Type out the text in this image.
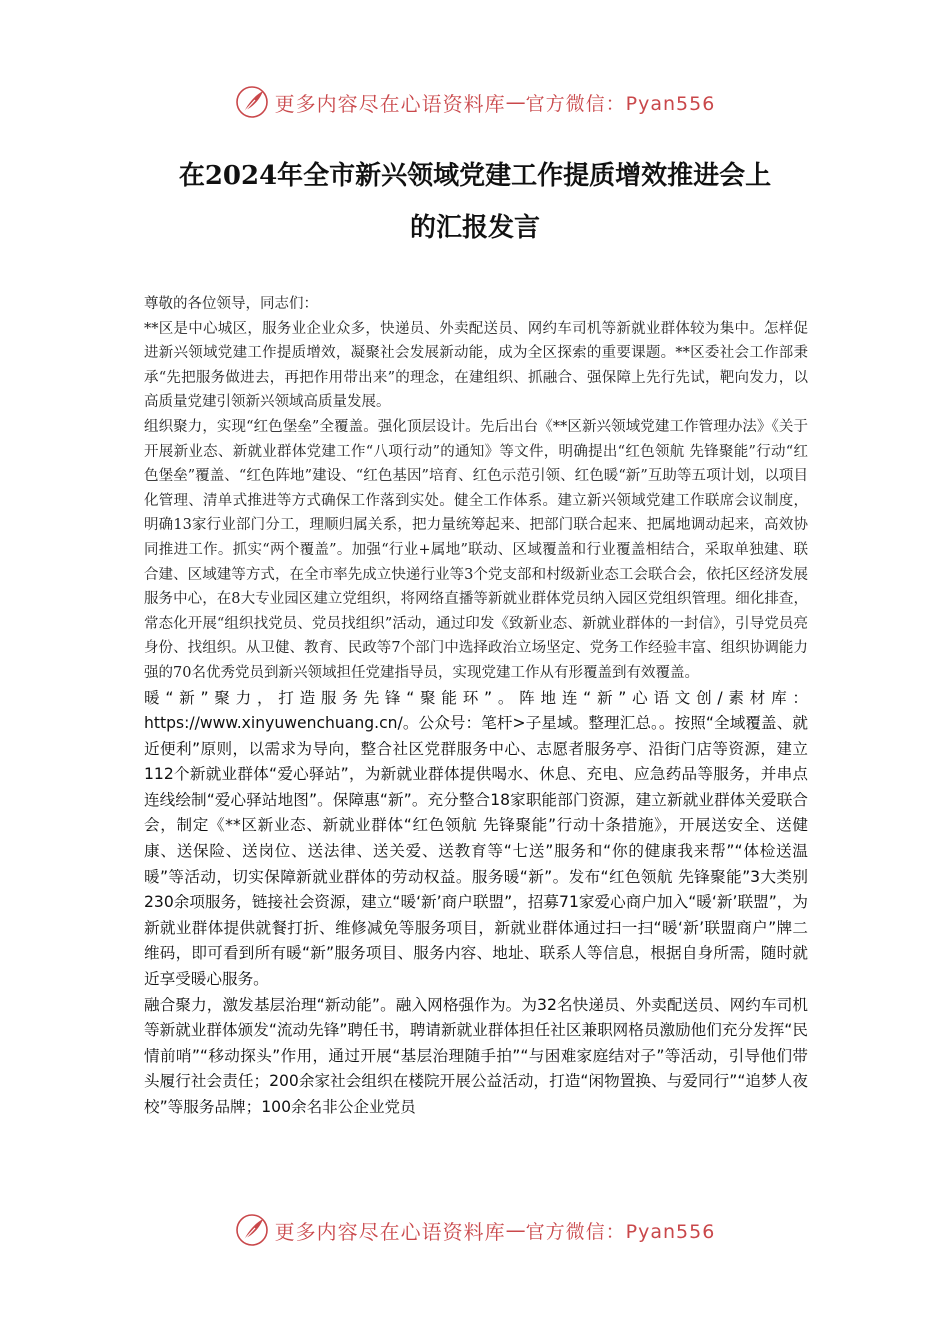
更多内容尽在心语资料库 — 官方微信：Pyan556
在2024年全市新兴领域党建工作提质增效推进会上
的汇报发言

尊敬的各位领导，同志们：

**区是中心城区，服务业企业众多，快递员、外卖配送员、网约车司机等新就业群体较为集中。怎样促进新兴领域党建工作提质增效，凝聚社会发展新动能，成为全区探索的重要课题。**区委社会工作部秉承“先把服务做进去，再把作用带出来”的理念，在建组织、抓融合、强保障上先行先试，靶向发力，以高质量党建引领新兴领域高质量发展。

组织聚力，实现“红色堡垒”全覆盖。强化顶层设计。先后出台《**区新兴领域党建工作管理办法》《关于开展新业态、新就业群体党建工作“八项行动”的通知》等文件，明确提出“红色领航 先锋聚能”行动“红色堡垒”覆盖、“红色阵地”建设、“红色基因”培育、红色示范引领、红色暖“新”互助等五项计划，以项目化管理、清单式推进等方式确保工作落到实处。健全工作体系。建立新兴领域党建工作联席会议制度，明确13家行业部门分工，理顺归属关系，把力量统筹起来、把部门联合起来、把属地调动起来，高效协同推进工作。抓实“两个覆盖”。加强“行业+属地”联动、区域覆盖和行业覆盖相结合，采取单独建、联合建、区域建等方式，在全市率先成立快递行业等3个党支部和村级新业态工会联合会，依托区经济发展服务中心，在8大专业园区建立党组织，将网络直播等新就业群体党员纳入园区党组织管理。细化排查，常态化开展“组织找党员、党员找组织”活动，通过印发《致新业态、新就业群体的一封信》，引导党员亮身份、找组织。从卫健、教育、民政等7个部门中选择政治立场坚定、党务工作经验丰富、组织协调能力强的70名优秀党员到新兴领域担任党建指导员，实现党建工作从有形覆盖到有效覆盖。

暖“新”聚力，打造服务先锋“聚能环”。阵地连“新”心语文创/素材库：https://www.xinyuwenchuang.cn/。公众号：笔杆>子星域。整理汇总。。按照“全域覆盖、就近便利”原则，以需求为导向，整合社区党群服务中心、志愿者服务亭、沿街门店等资源，建立112个新就业群体“爱心驿站”，为新就业群体提供喝水、休息、充电、应急药品等服务，并串点连线绘制“爱心驿站地图”。保障惠“新”。充分整合18家职能部门资源，建立新就业群体关爱联合会，制定《**区新业态、新就业群体“红色领航 先锋聚能”行动十条措施》，开展送安全、送健康、送保险、送岗位、送法律、送关爱、送教育等“七送”服务和“你的健康我来帮”“体检送温暖”等活动，切实保障新就业群体的劳动权益。服务暖“新”。发布“红色领航 先锋聚能”3大类别230余项服务，链接社会资源，建立“暖‘新’商户联盟”，招募71家爱心商户加入“暖‘新’联盟”，为新就业群体提供就餐打折、维修减免等服务项目，新就业群体通过扫一扫“暖‘新’联盟商户”牌二维码，即可看到所有暖“新”服务项目、服务内容、地址、联系人等信息，根据自身所需，随时就近享受暖心服务。

融合聚力，激发基层治理“新动能”。融入网格强作为。为32名快递员、外卖配送员、网约车司机等新就业群体颁发“流动先锋”聘任书，聘请新就业群体担任社区兼职网格员激励他们充分发挥“民情前哨”“移动探头”作用，通过开展“基层治理随手拍”“与困难家庭结对子”等活动，引导他们带头履行社会责任；200余家社会组织在楼院开展公益活动，打造“闲物置换、与爱同行”“追梦人夜校”等服务品牌；100余名非公企业党员

更多内容尽在心语资料库 — 官方微信：Pyan556
